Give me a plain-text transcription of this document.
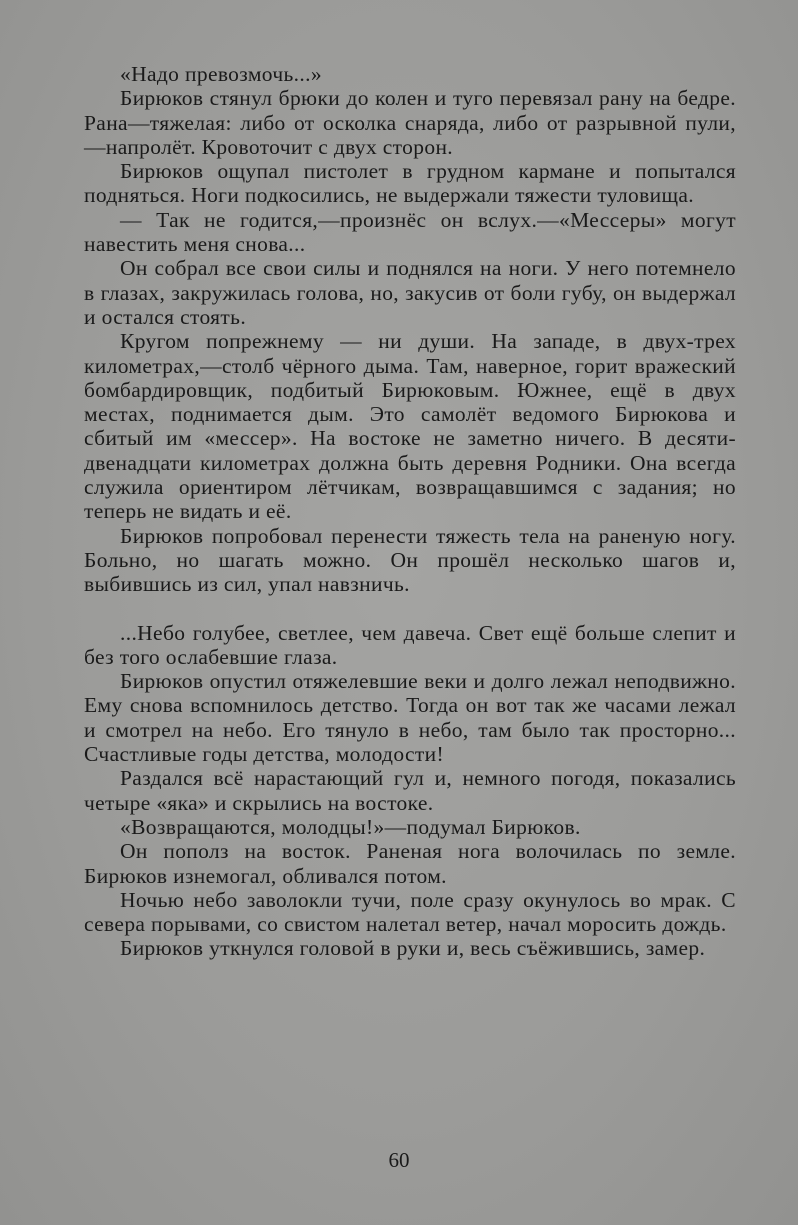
«Надо превозмочь...»

Бирюков стянул брюки до колен и туго перевязал рану на бедре. Рана—тяжелая: либо от осколка снаряда, либо от разрывной пули,—напролёт. Кровоточит с двух сторон.

Бирюков ощупал пистолет в грудном кармане и попытался подняться. Ноги подкосились, не выдержали тяжести туловища.

— Так не годится,—произнёс он вслух.—«Мессеры» могут навестить меня снова...

Он собрал все свои силы и поднялся на ноги. У него потемнело в глазах, закружилась голова, но, закусив от боли губу, он выдержал и остался стоять.

Кругом попрежнему — ни души. На западе, в двух-трех километрах,—столб чёрного дыма. Там, наверное, горит вражеский бомбардировщик, подбитый Бирюковым. Южнее, ещё в двух местах, поднимается дым. Это самолёт ведомого Бирюкова и сбитый им «мессер». На востоке не заметно ничего. В десяти-двенадцати километрах должна быть деревня Родники. Она всегда служила ориентиром лётчикам, возвращавшимся с задания; но теперь не видать и её.

Бирюков попробовал перенести тяжесть тела на раненую ногу. Больно, но шагать можно. Он прошёл несколько шагов и, выбившись из сил, упал навзничь.

...Небо голубее, светлее, чем давеча. Свет ещё больше слепит и без того ослабевшие глаза.

Бирюков опустил отяжелевшие веки и долго лежал неподвижно. Ему снова вспомнилось детство. Тогда он вот так же часами лежал и смотрел на небо. Его тянуло в небо, там было так просторно... Счастливые годы детства, молодости!

Раздался всё нарастающий гул и, немного погодя, показались четыре «яка» и скрылись на востоке.

«Возвращаются, молодцы!»—подумал Бирюков.

Он пополз на восток. Раненая нога волочилась по земле. Бирюков изнемогал, обливался потом.

Ночью небо заволокли тучи, поле сразу окунулось во мрак. С севера порывами, со свистом налетал ветер, начал моросить дождь.

Бирюков уткнулся головой в руки и, весь съёжившись, замер.

60
